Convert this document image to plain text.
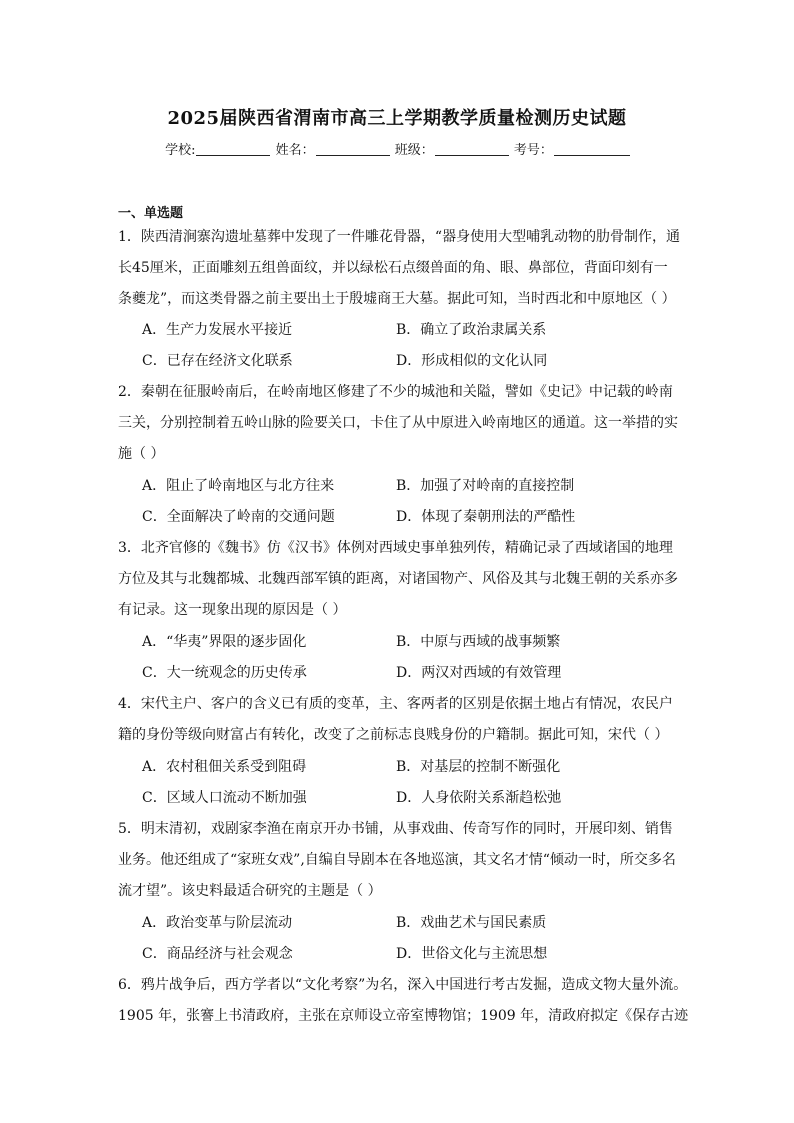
2025届陕西省渭南市高三上学期教学质量检测历史试题
学校:	姓名：	班级：	考号：
一、单选题
1．陕西清涧寨沟遗址墓葬中发现了一件雕花骨器，“器身使用大型哺乳动物的肋骨制作，通
长45厘米，正面雕刻五组兽面纹，并以绿松石点缀兽面的角、眼、鼻部位，背面印刻有一
条夔龙”，而这类骨器之前主要出土于殷墟商王大墓。据此可知，当时西北和中原地区（ ）
A．生产力发展水平接近	B．确立了政治隶属关系
C．已存在经济文化联系	D．形成相似的文化认同
2．秦朝在征服岭南后，在岭南地区修建了不少的城池和关隘，譬如《史记》中记载的岭南
三关，分别控制着五岭山脉的险要关口，卡住了从中原进入岭南地区的通道。这一举措的实
施（ ）
A．阻止了岭南地区与北方往来	B．加强了对岭南的直接控制
C．全面解决了岭南的交通问题	D．体现了秦朝刑法的严酷性
3．北齐官修的《魏书》仿《汉书》体例对西域史事单独列传，精确记录了西域诸国的地理
方位及其与北魏都城、北魏西部军镇的距离，对诸国物产、风俗及其与北魏王朝的关系亦多
有记录。这一现象出现的原因是（ ）
A．“华夷”界限的逐步固化	B．中原与西域的战事频繁
C．大一统观念的历史传承	D．两汉对西域的有效管理
4．宋代主户、客户的含义已有质的变革，主、客两者的区别是依据土地占有情况，农民户
籍的身份等级向财富占有转化，改变了之前标志良贱身份的户籍制。据此可知，宋代（ ）
A．农村租佃关系受到阻碍	B．对基层的控制不断强化
C．区域人口流动不断加强	D．人身依附关系渐趋松弛
5．明末清初，戏剧家李渔在南京开办书铺，从事戏曲、传奇写作的同时，开展印刻、销售
业务。他还组成了“家班女戏”,自编自导剧本在各地巡演，其文名才情“倾动一时，所交多名
流才望”。该史料最适合研究的主题是（ ）
A．政治变革与阶层流动	B．戏曲艺术与国民素质
C．商品经济与社会观念	D．世俗文化与主流思想
6．鸦片战争后，西方学者以“文化考察”为名，深入中国进行考古发掘，造成文物大量外流。
1905 年，张謇上书清政府，主张在京师设立帝室博物馆；1909 年，清政府拟定《保存古迹
